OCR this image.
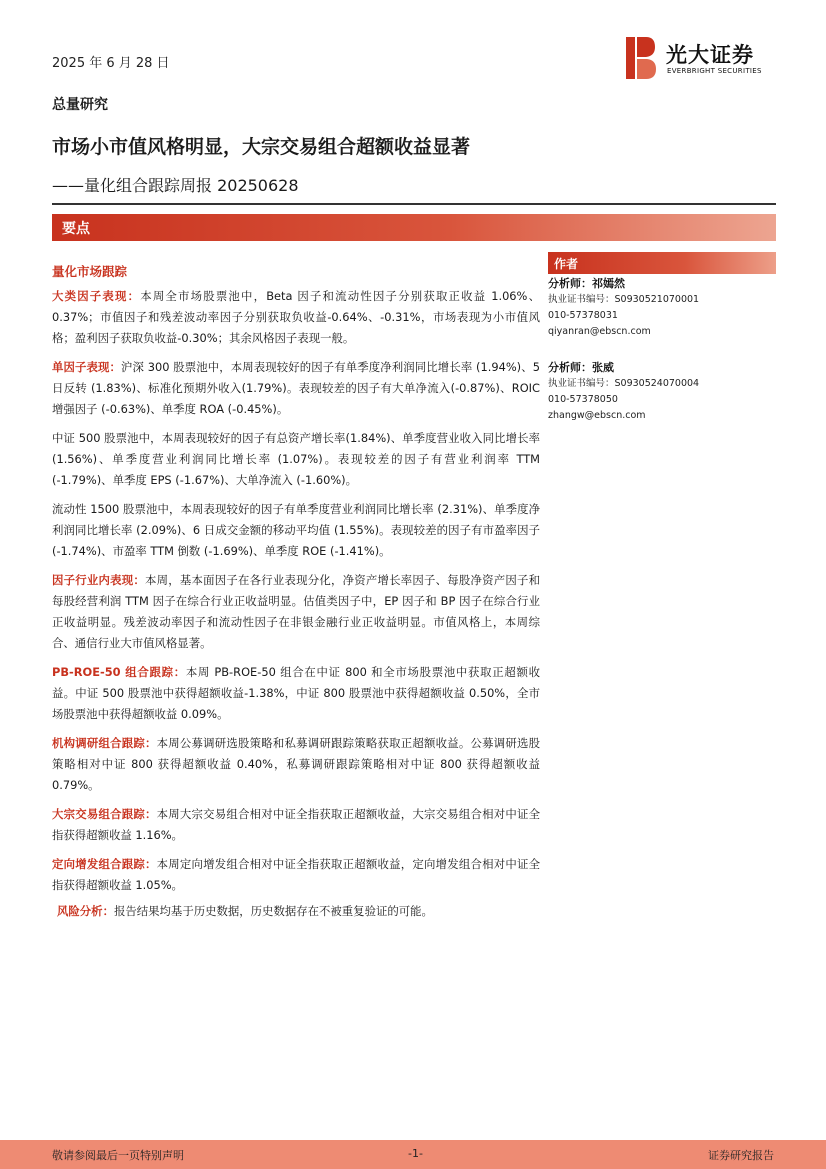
2025 年 6 月 28 日	光大证券
EVERBRIGHT SECURITIES
总量研究
市场小市值风格明显，大宗交易组合超额收益显著
——量化组合跟踪周报 20250628
要点
量化市场跟踪

大类因子表现：本周全市场股票池中，Beta 因子和流动性因子分别获取正收益 1.06%、0.37%；市值因子和残差波动率因子分别获取负收益-0.64%、-0.31%，市场表现为小市值风格；盈利因子获取负收益-0.30%；其余风格因子表现一般。

单因子表现：沪深 300 股票池中，本周表现较好的因子有单季度净利润同比增长率 (1.94%)、5 日反转 (1.83%)、标准化预期外收入(1.79%)。表现较差的因子有大单净流入(-0.87%)、ROIC 增强因子 (-0.63%)、单季度 ROA (-0.45%)。

中证 500 股票池中，本周表现较好的因子有总资产增长率(1.84%)、单季度营业收入同比增长率 (1.56%)、单季度营业利润同比增长率 (1.07%)。表现较差的因子有营业利润率 TTM (-1.79%)、单季度 EPS (-1.67%)、大单净流入 (-1.60%)。

流动性 1500 股票池中，本周表现较好的因子有单季度营业利润同比增长率 (2.31%)、单季度净利润同比增长率 (2.09%)、6 日成交金额的移动平均值 (1.55%)。表现较差的因子有市盈率因子(-1.74%)、市盈率 TTM 倒数 (-1.69%)、单季度 ROE (-1.41%)。

因子行业内表现：本周，基本面因子在各行业表现分化，净资产增长率因子、每股净资产因子和每股经营利润 TTM 因子在综合行业正收益明显。估值类因子中，EP 因子和 BP 因子在综合行业正收益明显。残差波动率因子和流动性因子在非银金融行业正收益明显。市值风格上，本周综合、通信行业大市值风格显著。

PB-ROE-50 组合跟踪：本周 PB-ROE-50 组合在中证 800 和全市场股票池中获取正超额收益。中证 500 股票池中获得超额收益-1.38%，中证 800 股票池中获得超额收益 0.50%，全市场股票池中获得超额收益 0.09%。

机构调研组合跟踪：本周公募调研选股策略和私募调研跟踪策略获取正超额收益。公募调研选股策略相对中证 800 获得超额收益 0.40%，私募调研跟踪策略相对中证 800 获得超额收益 0.79%。

大宗交易组合跟踪：本周大宗交易组合相对中证全指获取正超额收益，大宗交易组合相对中证全指获得超额收益 1.16%。

定向增发组合跟踪：本周定向增发组合相对中证全指获取正超额收益，定向增发组合相对中证全指获得超额收益 1.05%。

风险分析：报告结果均基于历史数据，历史数据存在不被重复验证的可能。
作者
分析师：祁嫣然
执业证书编号：S0930521070001
010-57378031
qiyanran@ebscn.com
分析师：张威
执业证书编号：S0930524070004
010-57378050
zhangw@ebscn.com
敬请参阅最后一页特别声明	-1-	证券研究报告
